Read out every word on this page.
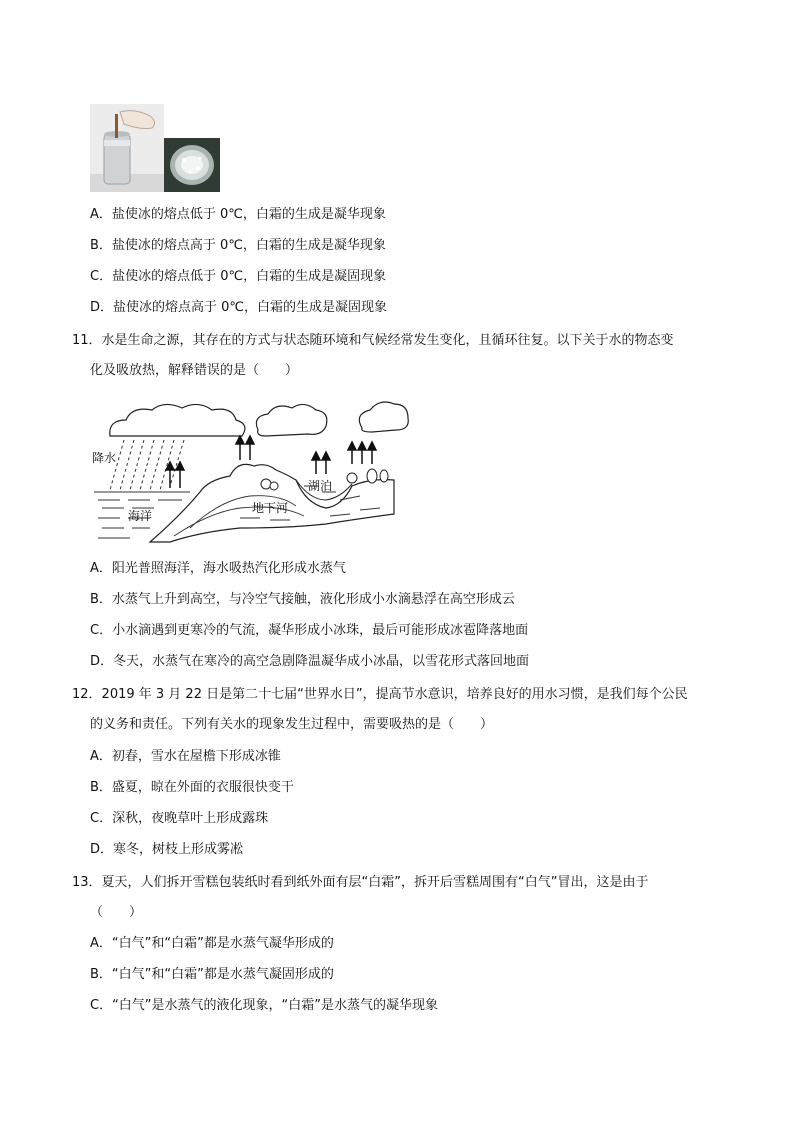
A．盐使冰的熔点低于 0℃，白霜的生成是凝华现象
B．盐使冰的熔点高于 0℃，白霜的生成是凝华现象
C．盐使冰的熔点低于 0℃，白霜的生成是凝固现象
D．盐使冰的熔点高于 0℃，白霜的生成是凝固现象
11．水是生命之源，其存在的方式与状态随环境和气候经常发生变化，且循环往复。以下关于水的物态变
化及吸放热，解释错误的是（　　）
降水
海洋
湖泊
地下河
A．阳光普照海洋，海水吸热汽化形成水蒸气
B．水蒸气上升到高空，与冷空气接触，液化形成小水滴悬浮在高空形成云
C．小水滴遇到更寒冷的气流，凝华形成小冰珠，最后可能形成冰雹降落地面
D．冬天，水蒸气在寒冷的高空急剧降温凝华成小冰晶，以雪花形式落回地面
12．2019 年 3 月 22 日是第二十七届“世界水日”，提高节水意识，培养良好的用水习惯，是我们每个公民
的义务和责任。下列有关水的现象发生过程中，需要吸热的是（　　）
A．初春，雪水在屋檐下形成冰锥
B．盛夏，晾在外面的衣服很快变干
C．深秋，夜晚草叶上形成露珠
D．寒冬，树枝上形成雾凇
13．夏天，人们拆开雪糕包装纸时看到纸外面有层“白霜”，拆开后雪糕周围有“白气”冒出，这是由于
（　　）
A．“白气”和“白霜”都是水蒸气凝华形成的
B．“白气”和“白霜”都是水蒸气凝固形成的
C．“白气”是水蒸气的液化现象，“白霜”是水蒸气的凝华现象
